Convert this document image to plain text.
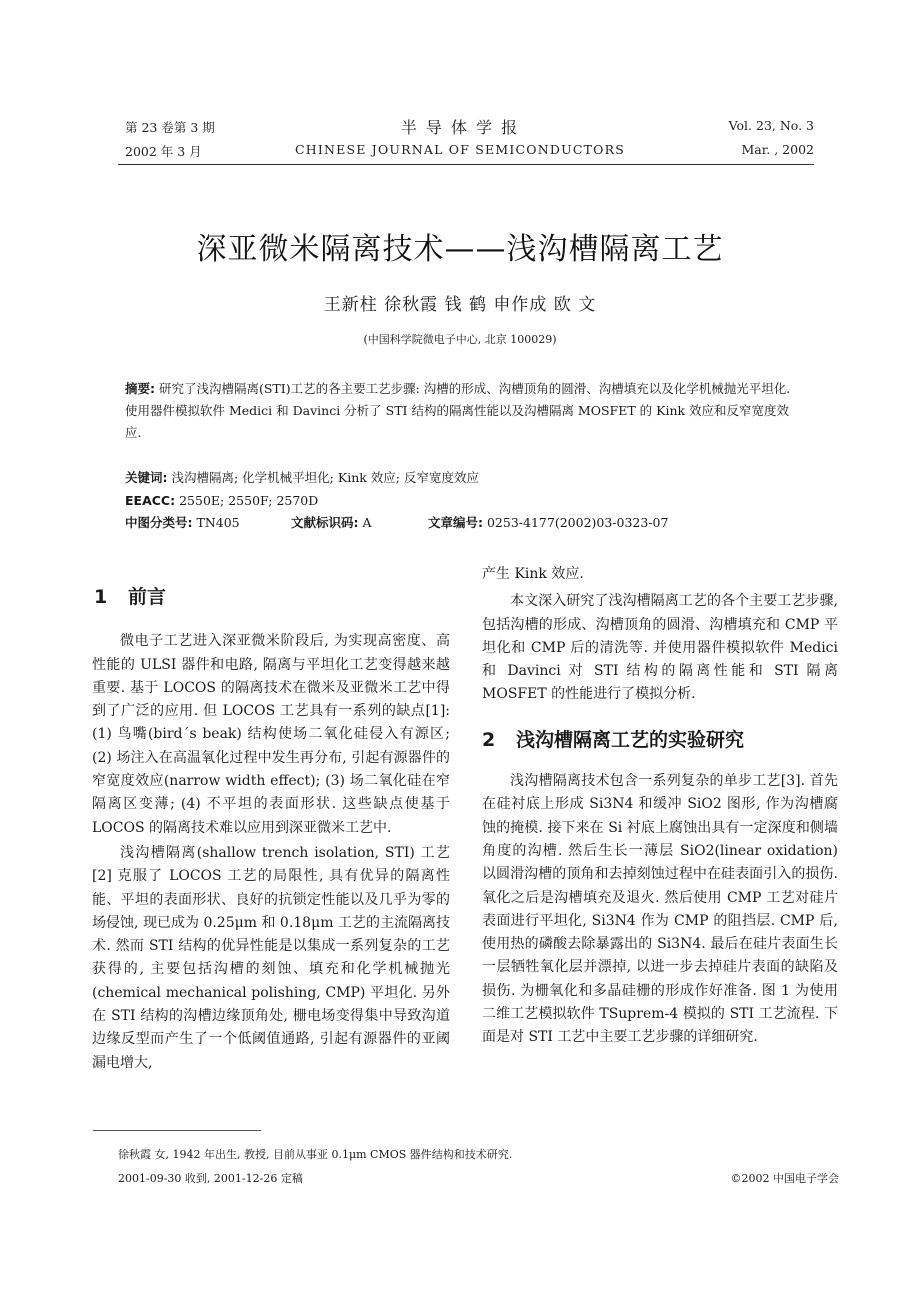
第 23 卷第 3 期
2002 年 3 月
半 导 体 学 报
CHINESE JOURNAL OF SEMICONDUCTORS
Vol. 23, No. 3
Mar. , 2002
深亚微米隔离技术——浅沟槽隔离工艺
王新柱 徐秋霞 钱 鹤 申作成 欧 文
(中国科学院微电子中心, 北京 100029)
摘要: 研究了浅沟槽隔离(STI)工艺的各主要工艺步骤: 沟槽的形成、沟槽顶角的圆滑、沟槽填充以及化学机械抛光平坦化. 使用器件模拟软件 Medici 和 Davinci 分析了 STI 结构的隔离性能以及沟槽隔离 MOSFET 的 Kink 效应和反窄宽度效应.
关键词: 浅沟槽隔离; 化学机械平坦化; Kink 效应; 反窄宽度效应
EEACC: 2550E; 2550F; 2570D
中图分类号: TN405	文献标识码: A	文章编号: 0253-4177(2002)03-0323-07
1 前言

微电子工艺进入深亚微米阶段后, 为实现高密度、高性能的 ULSI 器件和电路, 隔离与平坦化工艺变得越来越重要. 基于 LOCOS 的隔离技术在微米及亚微米工艺中得到了广泛的应用. 但 LOCOS 工艺具有一系列的缺点[1]: (1) 鸟嘴(bird´s beak) 结构使场二氧化硅侵入有源区; (2) 场注入在高温氧化过程中发生再分布, 引起有源器件的窄宽度效应(narrow width effect); (3) 场二氧化硅在窄隔离区变薄; (4) 不平坦的表面形状. 这些缺点使基于 LOCOS 的隔离技术难以应用到深亚微米工艺中.

浅沟槽隔离(shallow trench isolation, STI) 工艺[2] 克服了 LOCOS 工艺的局限性, 具有优异的隔离性能、平坦的表面形状、良好的抗锁定性能以及几乎为零的场侵蚀, 现已成为 0.25μm 和 0.18μm 工艺的主流隔离技术. 然而 STI 结构的优异性能是以集成一系列复杂的工艺获得的, 主要包括沟槽的刻蚀、填充和化学机械抛光(chemical mechanical polishing, CMP) 平坦化. 另外在 STI 结构的沟槽边缘顶角处, 栅电场变得集中导致沟道边缘反型而产生了一个低阈值通路, 引起有源器件的亚阈漏电增大,

产生 Kink 效应.

本文深入研究了浅沟槽隔离工艺的各个主要工艺步骤, 包括沟槽的形成、沟槽顶角的圆滑、沟槽填充和 CMP 平坦化和 CMP 后的清洗等. 并使用器件模拟软件 Medici 和 Davinci 对 STI 结构的隔离性能和 STI 隔离 MOSFET 的性能进行了模拟分析.

2 浅沟槽隔离工艺的实验研究

浅沟槽隔离技术包含一系列复杂的单步工艺[3]. 首先在硅衬底上形成 Si3N4 和缓冲 SiO2 图形, 作为沟槽腐蚀的掩模. 接下来在 Si 衬底上腐蚀出具有一定深度和侧墙角度的沟槽. 然后生长一薄层 SiO2(linear oxidation) 以圆滑沟槽的顶角和去掉刻蚀过程中在硅表面引入的损伤. 氧化之后是沟槽填充及退火. 然后使用 CMP 工艺对硅片表面进行平坦化, Si3N4 作为 CMP 的阻挡层. CMP 后, 使用热的磷酸去除暴露出的 Si3N4. 最后在硅片表面生长一层牺牲氧化层并漂掉, 以进一步去掉硅片表面的缺陷及损伤. 为栅氧化和多晶硅栅的形成作好准备. 图 1 为使用二维工艺模拟软件 TSuprem-4 模拟的 STI 工艺流程. 下面是对 STI 工艺中主要工艺步骤的详细研究.

徐秋霞 女, 1942 年出生, 教授, 目前从事亚 0.1μm CMOS 器件结构和技术研究.
2001-09-30 收到, 2001-12-26 定稿	©2002 中国电子学会
